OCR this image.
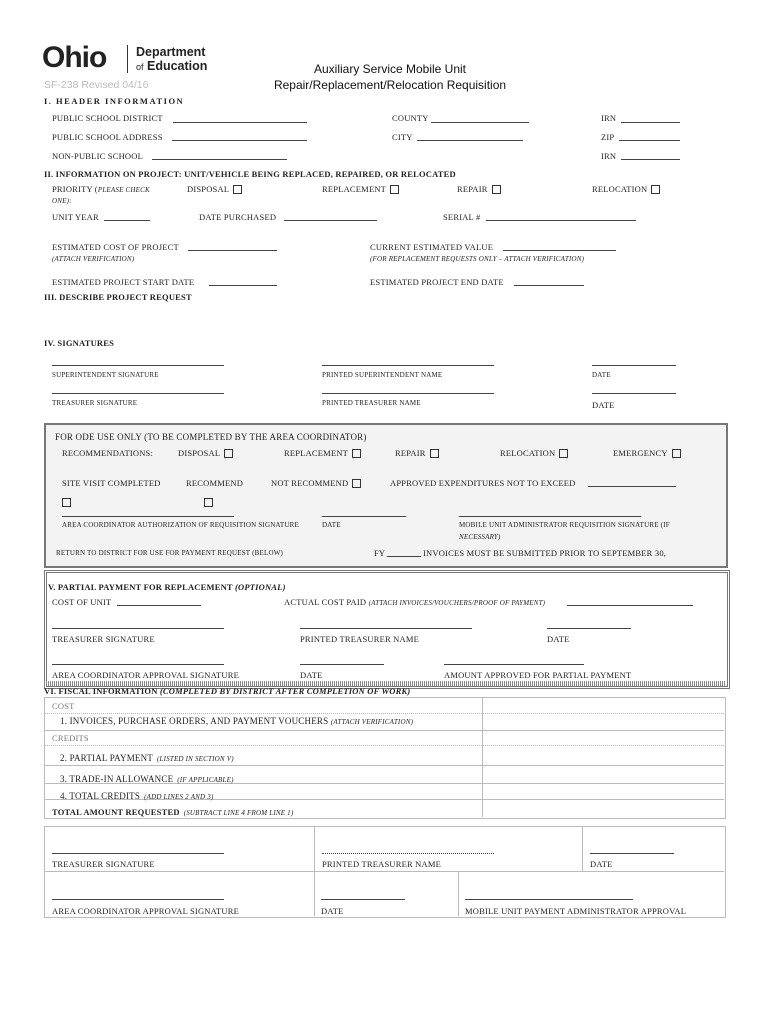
Ohio Department
of Education
SF-238 Revised 04/16
Auxiliary Service Mobile Unit
Repair/Replacement/Relocation Requisition
I. HEADER INFORMATION
PUBLIC SCHOOL DISTRICT	COUNTY	IRN
PUBLIC SCHOOL ADDRESS	CITY	ZIP
NON-PUBLIC SCHOOL	IRN
II. INFORMATION ON PROJECT: UNIT/VEHICLE BEING REPLACED, REPAIRED, OR RELOCATED
PRIORITY (PLEASE CHECK
ONE):
DISPOSAL	REPLACEMENT	REPAIR	RELOCATION
UNIT YEAR	DATE PURCHASED	SERIAL #
ESTIMATED COST OF PROJECT
(ATTACH VERIFICATION)
CURRENT ESTIMATED VALUE
(FOR REPLACEMENT REQUESTS ONLY – ATTACH VERIFICATION)
ESTIMATED PROJECT START DATE	ESTIMATED PROJECT END DATE
III. DESCRIBE PROJECT REQUEST
IV. SIGNATURES
SUPERINTENDENT SIGNATURE	PRINTED SUPERINTENDENT NAME	DATE
TREASURER SIGNATURE	PRINTED TREASURER NAME	DATE
FOR ODE USE ONLY (TO BE COMPLETED BY THE AREA COORDINATOR)
RECOMMENDATIONS:	DISPOSAL	REPLACEMENT	REPAIR	RELOCATION	EMERGENCY
SITE VISIT COMPLETED
	RECOMMEND	NOT RECOMMEND	APPROVED EXPENDITURES NOT TO EXCEED
AREA COORDINATOR AUTHORIZATION OF REQUISITION SIGNATURE	DATE	MOBILE UNIT ADMINISTRATOR REQUISITION SIGNATURE (IF
NECESSARY)
RETURN TO DISTRICT FOR USE FOR PAYMENT REQUEST (BELOW)	FY	INVOICES MUST BE SUBMITTED PRIOR TO SEPTEMBER 30,
V. PARTIAL PAYMENT FOR REPLACEMENT (OPTIONAL)
COST OF UNIT	ACTUAL COST PAID (ATTACH INVOICES/VOUCHERS/PROOF OF PAYMENT)
TREASURER SIGNATURE	PRINTED TREASURER NAME	DATE
AREA COORDINATOR APPROVAL SIGNATURE	DATE	AMOUNT APPROVED FOR PARTIAL PAYMENT
VI. FISCAL INFORMATION (COMPLETED BY DISTRICT AFTER COMPLETION OF WORK)
COST
1. INVOICES, PURCHASE ORDERS, AND PAYMENT VOUCHERS (ATTACH VERIFICATION)
CREDITS
2. PARTIAL PAYMENT (LISTED IN SECTION V)
3. TRADE-IN ALLOWANCE (IF APPLICABLE)
4. TOTAL CREDITS (ADD LINES 2 AND 3)
TOTAL AMOUNT REQUESTED (SUBTRACT LINE 4 FROM LINE 1)
TREASURER SIGNATURE	PRINTED TREASURER NAME	DATE
AREA COORDINATOR APPROVAL SIGNATURE	DATE	MOBILE UNIT PAYMENT ADMINISTRATOR APPROVAL
